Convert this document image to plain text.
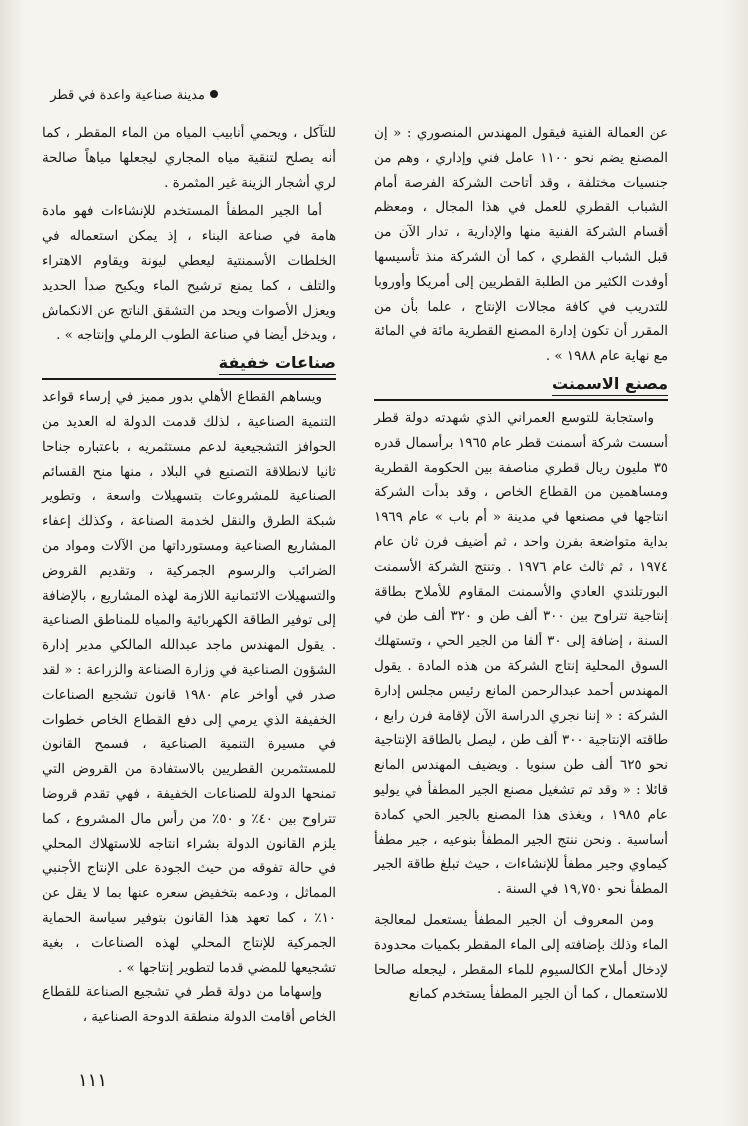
مدينة صناعية واعدة في قطر

عن العمالة الفنية فيقول المهندس المنصوري : « إن المصنع يضم نحو ١١٠٠ عامل فني وإداري ، وهم من جنسيات مختلفة ، وقد أتاحت الشركة الفرصة أمام الشباب القطري للعمل في هذا المجال ، ومعظم أقسام الشركة الفنية منها والإدارية ، تدار الآن من قبل الشباب القطري ، كما أن الشركة منذ تأسيسها أوفدت الكثير من الطلبة القطريين إلى أمريكا وأوروبا للتدريب في كافة مجالات الإنتاج ، علما بأن من المقرر أن تكون إدارة المصنع القطرية مائة في المائة مع نهاية عام ١٩٨٨ » .

مصنع الاسمنت

واستجابة للتوسع العمراني الذي شهدته دولة قطر أسست شركة أسمنت قطر عام ١٩٦٥ برأسمال قدره ٣٥ مليون ريال قطري مناصفة بين الحكومة القطرية ومساهمين من القطاع الخاص ، وقد بدأت الشركة انتاجها في مصنعها في مدينة « أم باب » عام ١٩٦٩ بداية متواضعة بفرن واحد ، ثم أضيف فرن ثان عام ١٩٧٤ ، ثم ثالث عام ١٩٧٦ . وتنتج الشركة الأسمنت البورتلندي العادي والأسمنت المقاوم للأملاح بطاقة إنتاجية تتراوح بين ٣٠٠ ألف طن و ٣٢٠ ألف طن في السنة ، إضافة إلى ٣٠ ألفا من الجير الحي ، وتستهلك السوق المحلية إنتاج الشركة من هذه المادة . يقول المهندس أحمد عبدالرحمن المانع رئيس مجلس إدارة الشركة : « إننا نجري الدراسة الآن لإقامة فرن رابع ، طاقته الإنتاجية ٣٠٠ ألف طن ، ليصل بالطاقة الإنتاجية نحو ٦٢٥ ألف طن سنويا . ويضيف المهندس المانع قائلا : « وقد تم تشغيل مصنع الجير المطفأ في يوليو عام ١٩٨٥ ، ويغذى هذا المصنع بالجير الحي كمادة أساسية . ونحن ننتج الجير المطفأ بنوعيه ، جير مطفأ كيماوي وجير مطفأ للإنشاءات ، حيث تبلغ طاقة الجير المطفأ نحو ١٩,٧٥٠ في السنة .

ومن المعروف أن الجير المطفأ يستعمل لمعالجة الماء وذلك بإضافته إلى الماء المقطر بكميات محدودة لإدخال أملاح الكالسيوم للماء المقطر ، ليجعله صالحا للاستعمال ، كما أن الجير المطفأ يستخدم كمانع

للتآكل ، ويحمي أنابيب المياه من الماء المقطر ، كما أنه يصلح لتنقية مياه المجاري ليجعلها مياهاً صالحة لري أشجار الزينة غير المثمرة .

أما الجير المطفأ المستخدم للإنشاءات فهو مادة هامة في صناعة البناء ، إذ يمكن استعماله في الخلطات الأسمنتية ليعطي ليونة ويقاوم الاهتراء والتلف ، كما يمنع ترشيح الماء ويكبح صدأ الحديد ويعزل الأصوات ويحد من التشقق الناتج عن الانكماش ، ويدخل أيضا في صناعة الطوب الرملي وإنتاجه » .

صناعات خفيفة

ويساهم القطاع الأهلي بدور مميز في إرساء قواعد التنمية الصناعية ، لذلك قدمت الدولة له العديد من الحوافز التشجيعية لدعم مستثمريه ، باعتباره جناحا ثانيا لانطلاقة التصنيع في البلاد ، منها منح القسائم الصناعية للمشروعات بتسهيلات واسعة ، وتطوير شبكة الطرق والنقل لخدمة الصناعة ، وكذلك إعفاء المشاريع الصناعية ومستورداتها من الآلات ومواد من الضرائب والرسوم الجمركية ، وتقديم القروض والتسهيلات الائتمانية اللازمة لهذه المشاريع ، بالإضافة إلى توفير الطاقة الكهربائية والمياه للمناطق الصناعية . يقول المهندس ماجد عبدالله المالكي مدير إدارة الشؤون الصناعية في وزارة الصناعة والزراعة : « لقد صدر في أواخر عام ١٩٨٠ قانون تشجيع الصناعات الخفيفة الذي يرمي إلى دفع القطاع الخاص خطوات في مسيرة التنمية الصناعية ، فسمح القانون للمستثمرين القطريين بالاستفادة من القروض التي تمنحها الدولة للصناعات الخفيفة ، فهي تقدم قروضا تتراوح بين ٤٠٪ و ٥٠٪ من رأس مال المشروع ، كما يلزم القانون الدولة بشراء انتاجه للاستهلاك المحلي في حالة تفوقه من حيث الجودة على الإنتاج الأجنبي المماثل ، ودعمه بتخفيض سعره عنها بما لا يقل عن ١٠٪ ، كما تعهد هذا القانون بتوفير سياسة الحماية الجمركية للإنتاج المحلي لهذه الصناعات ، بغية تشجيعها للمضي قدما لتطوير إنتاجها » .

وإسهاما من دولة قطر في تشجيع الصناعة للقطاع الخاص أقامت الدولة منطقة الدوحة الصناعية ،

١١١
